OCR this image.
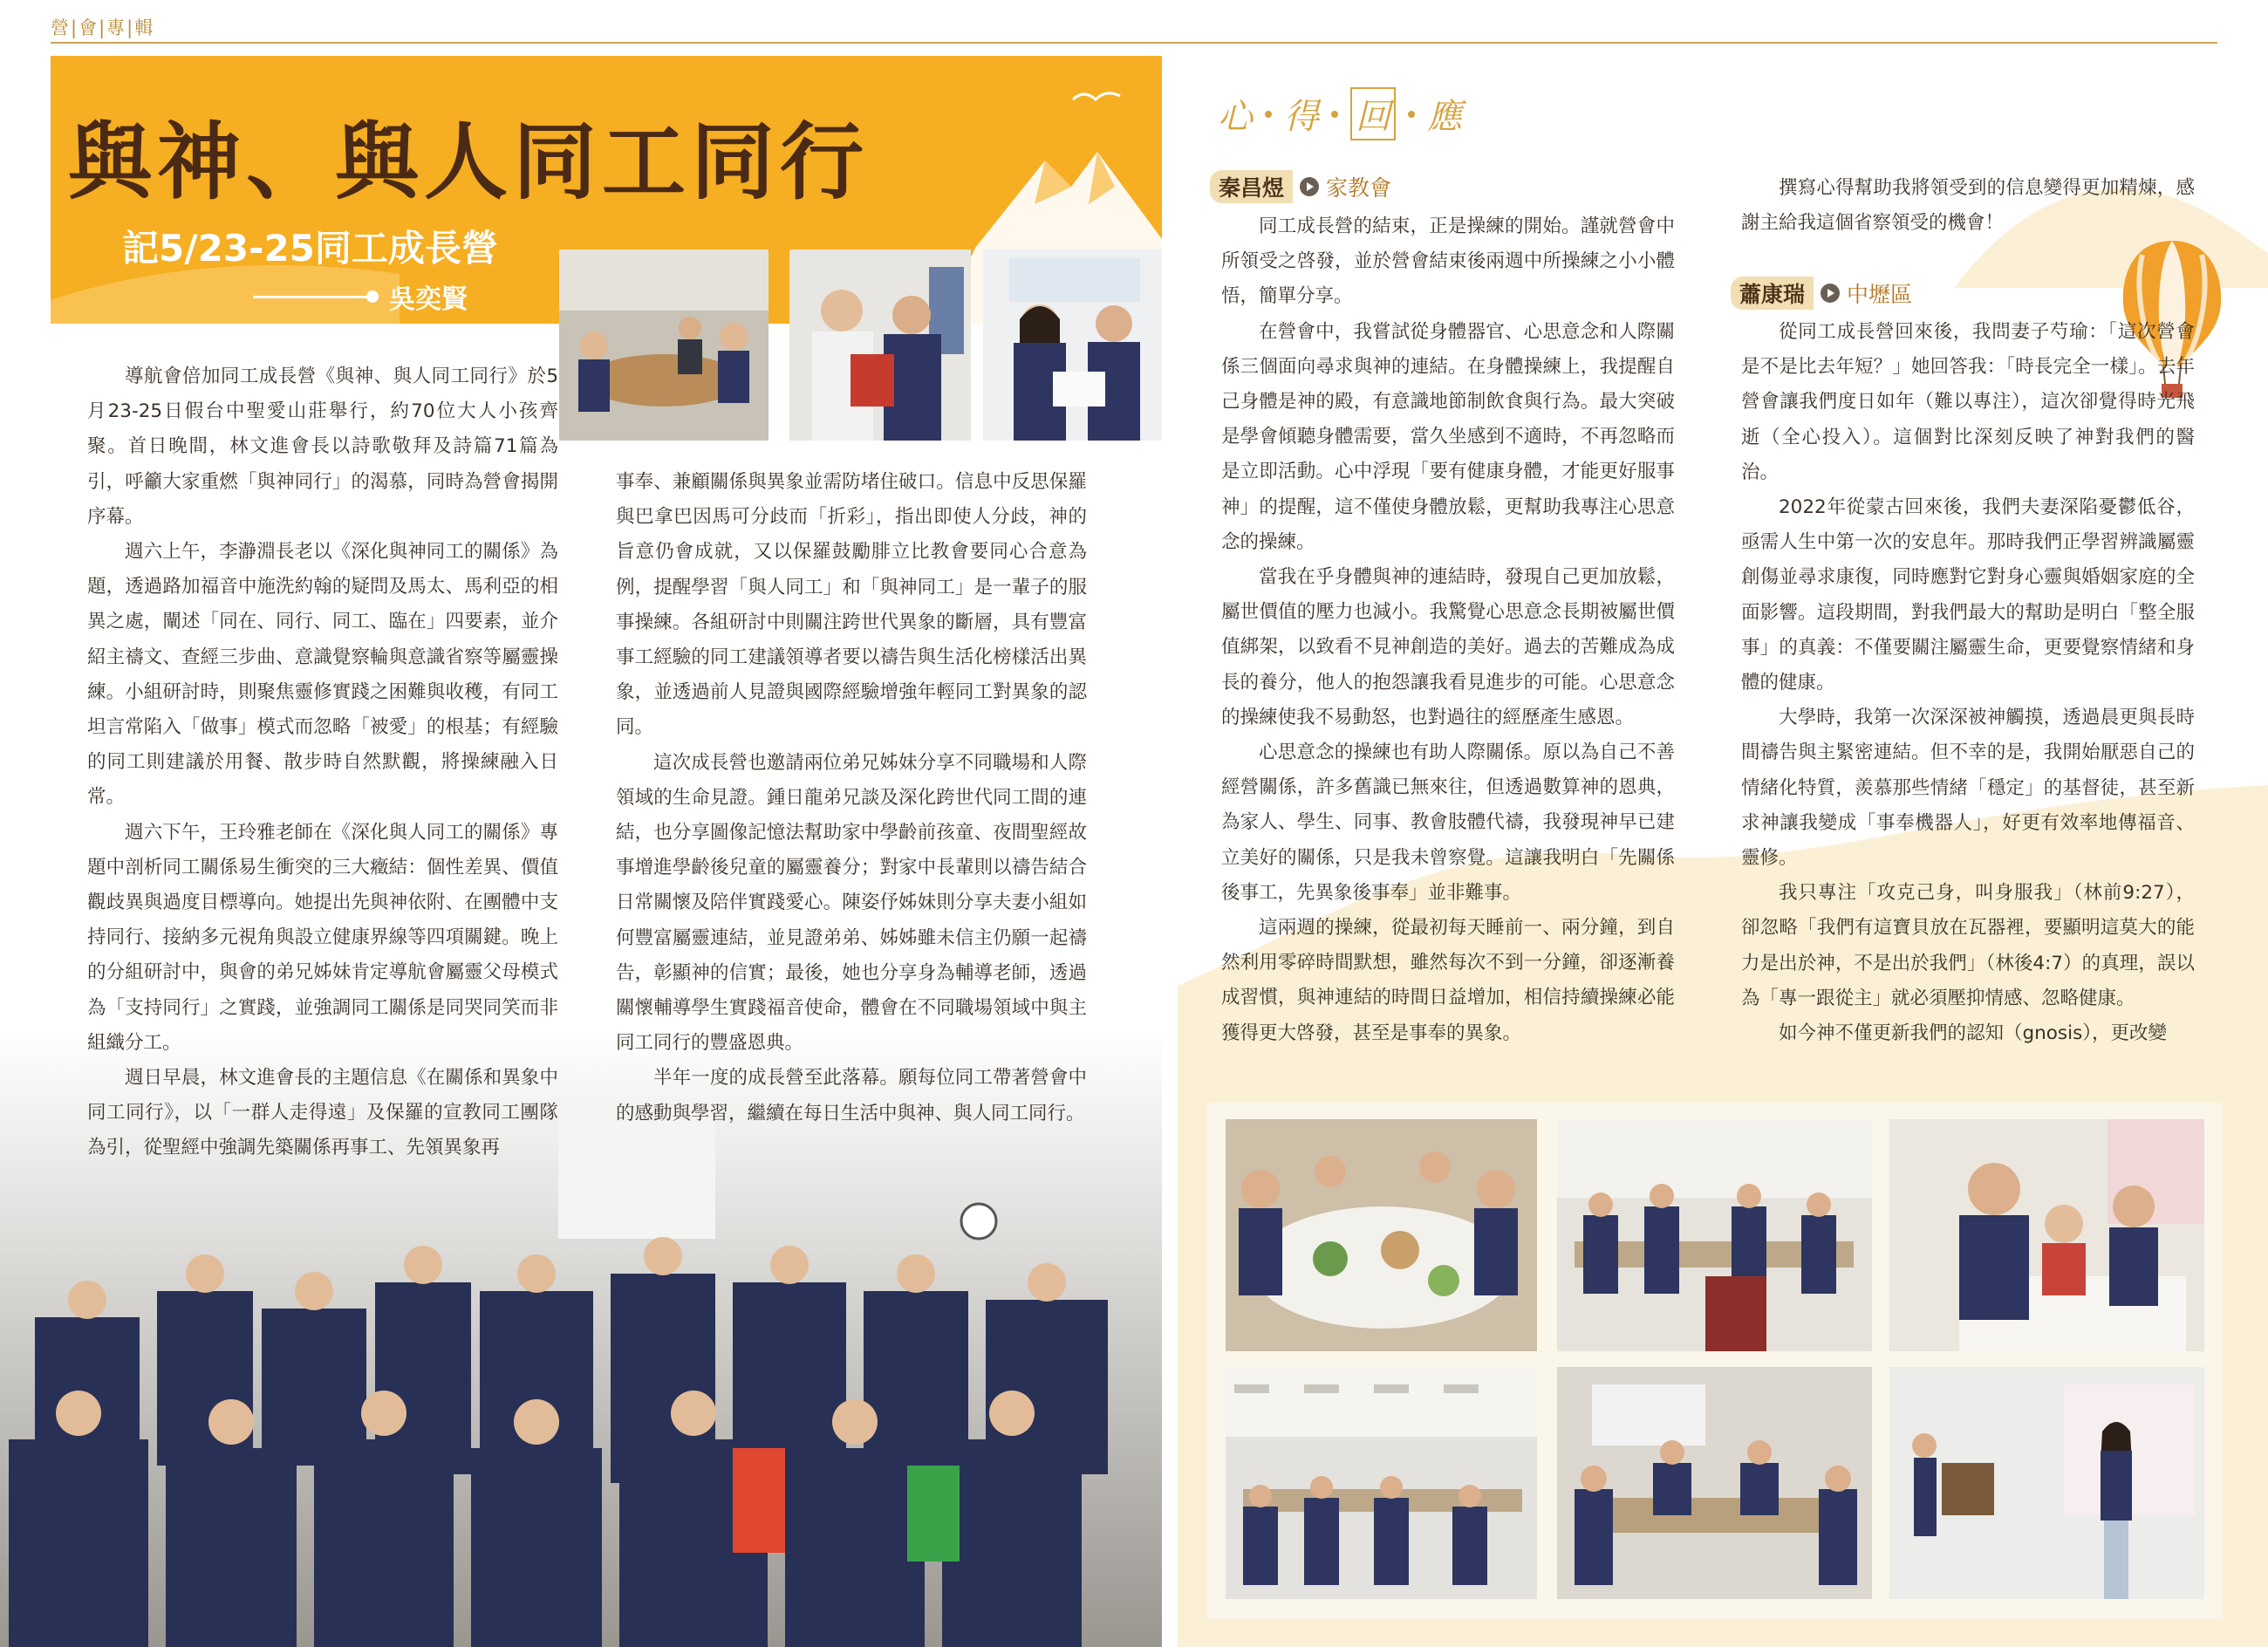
營|會|專|輯
與神、與人同工同行
記5/23-25同工成長營
吳奕賢

導航會倍加同工成長營《與神、與人同工同行》於5月23-25日假台中聖愛山莊舉行，約70位大人小孩齊聚。首日晚間，林文進會長以詩歌敬拜及詩篇71篇為引，呼籲大家重燃「與神同行」的渴慕，同時為營會揭開序幕。

週六上午，李瀞淵長老以《深化與神同工的關係》為題，透過路加福音中施洗約翰的疑問及馬太、馬利亞的相異之處，闡述「同在、同行、同工、臨在」四要素，並介紹主禱文、查經三步曲、意識覺察輪與意識省察等屬靈操練。小組研討時，則聚焦靈修實踐之困難與收穫，有同工坦言常陷入「做事」模式而忽略「被愛」的根基；有經驗的同工則建議於用餐、散步時自然默觀，將操練融入日常。

週六下午，王玲雅老師在《深化與人同工的關係》專題中剖析同工關係易生衝突的三大癥結：個性差異、價值觀歧異與過度目標導向。她提出先與神依附、在團體中支持同行、接納多元視角與設立健康界線等四項關鍵。晚上的分組研討中，與會的弟兄姊妹肯定導航會屬靈父母模式為「支持同行」之實踐，並強調同工關係是同哭同笑而非組織分工。

週日早晨，林文進會長的主題信息《在關係和異象中同工同行》，以「一群人走得遠」及保羅的宣教同工團隊為引，從聖經中強調先築關係再事工、先領異象再

事奉、兼顧關係與異象並需防堵住破口。信息中反思保羅與巴拿巴因馬可分歧而「折彩」，指出即使人分歧，神的旨意仍會成就，又以保羅鼓勵腓立比教會要同心合意為例，提醒學習「與人同工」和「與神同工」是一輩子的服事操練。各組研討中則關注跨世代異象的斷層，具有豐富事工經驗的同工建議領導者要以禱告與生活化榜樣活出異象，並透過前人見證與國際經驗增強年輕同工對異象的認同。

這次成長營也邀請兩位弟兄姊妹分享不同職場和人際領域的生命見證。鍾日龍弟兄談及深化跨世代同工間的連結，也分享圖像記憶法幫助家中學齡前孩童、夜間聖經故事增進學齡後兒童的屬靈養分；對家中長輩則以禱告結合日常關懷及陪伴實踐愛心。陳姿伃姊妹則分享夫妻小組如何豐富屬靈連結，並見證弟弟、姊姊雖未信主仍願一起禱告，彰顯神的信實；最後，她也分享身為輔導老師，透過關懷輔導學生實踐福音使命，體會在不同職場領域中與主同工同行的豐盛恩典。

半年一度的成長營至此落幕。願每位同工帶著營會中的感動與學習，繼續在每日生活中與神、與人同工同行。

心 得 回 應
秦昌煜	家教會

同工成長營的結束，正是操練的開始。謹就營會中所領受之啓發，並於營會結束後兩週中所操練之小小體悟，簡單分享。

在營會中，我嘗試從身體器官、心思意念和人際關係三個面向尋求與神的連結。在身體操練上，我提醒自己身體是神的殿，有意識地節制飲食與行為。最大突破是學會傾聽身體需要，當久坐感到不適時，不再忽略而是立即活動。心中浮現「要有健康身體，才能更好服事神」的提醒，這不僅使身體放鬆，更幫助我專注心思意念的操練。

當我在乎身體與神的連結時，發現自己更加放鬆，屬世價值的壓力也減小。我驚覺心思意念長期被屬世價值綁架，以致看不見神創造的美好。過去的苦難成為成長的養分，他人的抱怨讓我看見進步的可能。心思意念的操練使我不易動怒，也對過往的經歷產生感恩。

心思意念的操練也有助人際關係。原以為自己不善經營關係，許多舊識已無來往，但透過數算神的恩典，為家人、學生、同事、教會肢體代禱，我發現神早已建立美好的關係，只是我未曾察覺。這讓我明白「先關係後事工，先異象後事奉」並非難事。

這兩週的操練，從最初每天睡前一、兩分鐘，到自然利用零碎時間默想，雖然每次不到一分鐘，卻逐漸養成習慣，與神連結的時間日益增加，相信持續操練必能獲得更大啓發，甚至是事奉的異象。

撰寫心得幫助我將領受到的信息變得更加精煉，感謝主給我這個省察領受的機會！

蕭康瑞	中壢區

從同工成長營回來後，我問妻子芍瑜：「這次營會是不是比去年短？」她回答我：「時長完全一樣」。去年營會讓我們度日如年（難以專注），這次卻覺得時光飛逝（全心投入）。這個對比深刻反映了神對我們的醫治。

2022年從蒙古回來後，我們夫妻深陷憂鬱低谷，亟需人生中第一次的安息年。那時我們正學習辨識屬靈創傷並尋求康復，同時應對它對身心靈與婚姻家庭的全面影響。這段期間，對我們最大的幫助是明白「整全服事」的真義：不僅要關注屬靈生命，更要覺察情緒和身體的健康。

大學時，我第一次深深被神觸摸，透過晨更與長時間禱告與主緊密連結。但不幸的是，我開始厭惡自己的情緒化特質，羨慕那些情緒「穩定」的基督徒，甚至新求神讓我變成「事奉機器人」，好更有效率地傳福音、靈修。

我只專注「攻克己身，叫身服我」（林前9:27），卻忽略「我們有這寶貝放在瓦器裡，要顯明這莫大的能力是出於神，不是出於我們」（林後4:7）的真理，誤以為「專一跟從主」就必須壓抑情感、忽略健康。

如今神不僅更新我們的認知（gnosis），更改變
